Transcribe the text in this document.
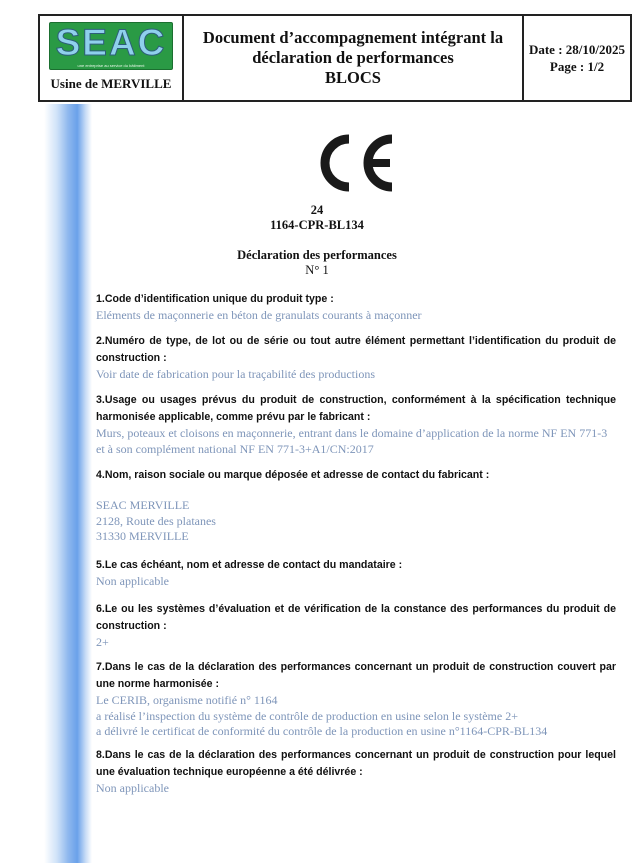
SEAC
une entreprise au service du bâtiment
Usine de MERVILLE
Document d’accompagnement intégrant la
déclaration de performances
BLOCS
Date : 28/10/2025
Page : 1/2
24
1164-CPR-BL134
Déclaration des performances
N° 1
1.Code d’identification unique du produit type :
Eléments de maçonnerie en béton de granulats courants à maçonner
2.Numéro de type, de lot ou de série ou tout autre élément permettant l’identification du produit de construction :
Voir date de fabrication pour la traçabilité des productions
3.Usage ou usages prévus du produit de construction, conformément à la spécification technique harmonisée applicable, comme prévu par le fabricant :
Murs, poteaux et cloisons en maçonnerie, entrant dans le domaine d’application de la norme NF EN 771-3 et à son complément national NF EN 771-3+A1/CN:2017
4.Nom, raison sociale ou marque déposée et adresse de contact du fabricant :
SEAC MERVILLE
2128, Route des platanes
31330 MERVILLE
5.Le cas échéant, nom et adresse de contact du mandataire :
Non applicable
6.Le ou les systèmes d’évaluation et de vérification de la constance des performances du produit de construction :
2+
7.Dans le cas de la déclaration des performances concernant un produit de construction couvert par une norme harmonisée :
Le CERIB, organisme notifié n° 1164
a réalisé l’inspection du système de contrôle de production en usine selon le système 2+
a délivré le certificat de conformité du contrôle de la production en usine n°1164-CPR-BL134
8.Dans le cas de la déclaration des performances concernant un produit de construction pour lequel une évaluation technique européenne a été délivrée :
Non applicable
